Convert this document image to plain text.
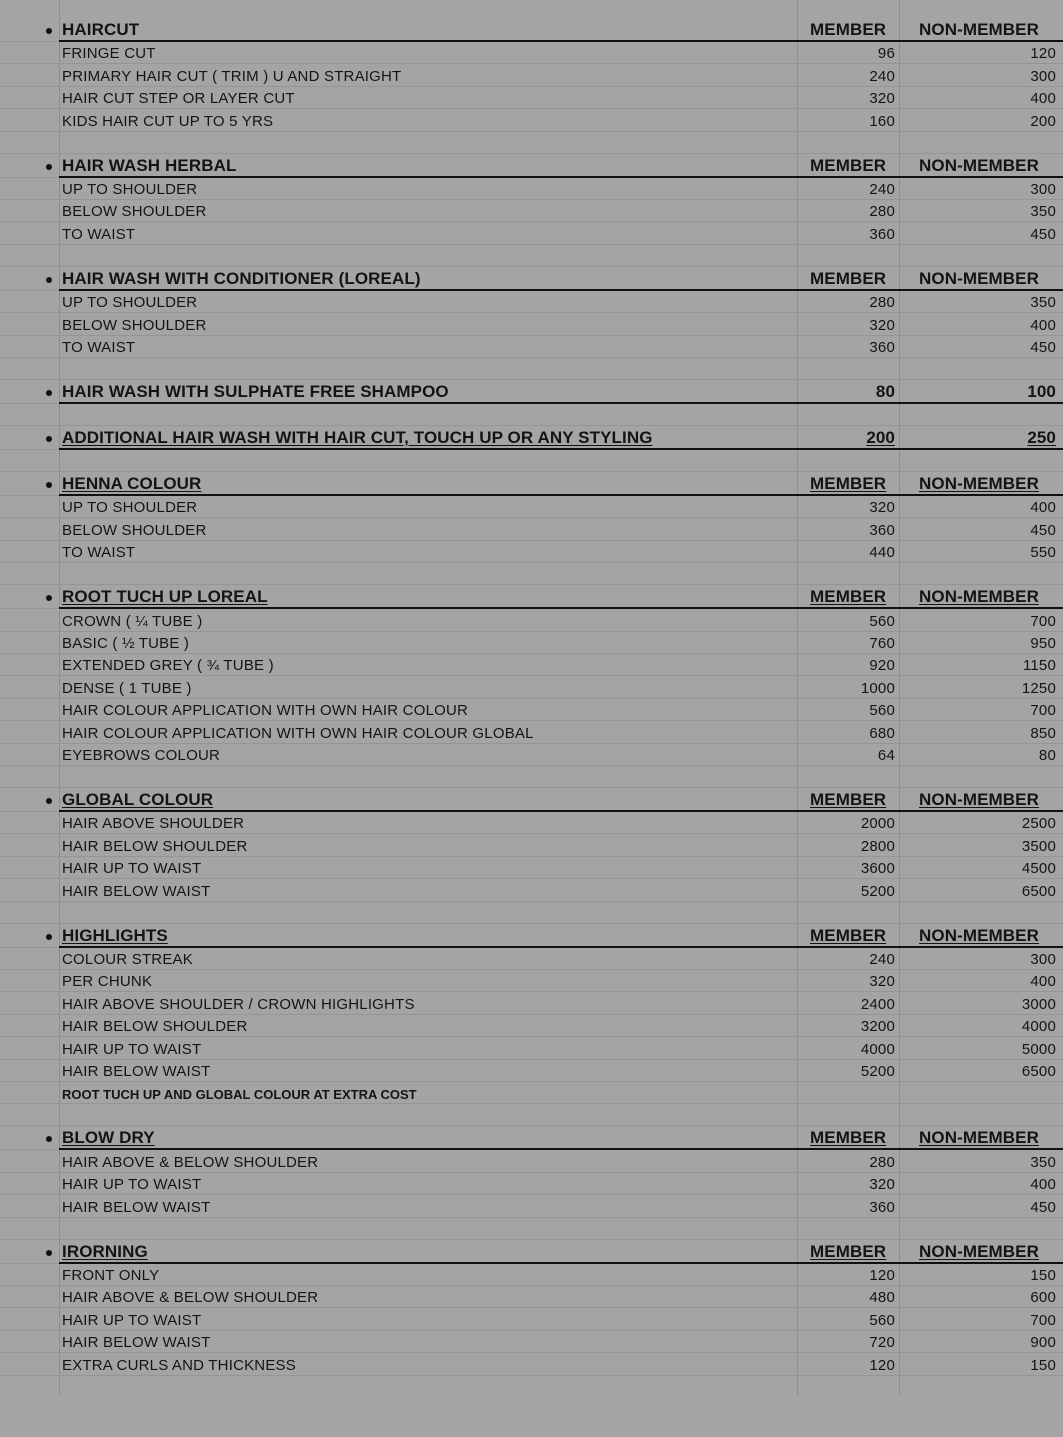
HAIRCUT	MEMBER NON-MEMBER
FRINGE CUT	96	120
PRIMARY HAIR CUT ( TRIM ) U AND STRAIGHT	240	300
HAIR CUT STEP OR LAYER CUT	320	400
KIDS HAIR CUT UP TO 5 YRS	160	200
HAIR WASH HERBAL	MEMBER NON-MEMBER
UP TO SHOULDER	240	300
BELOW SHOULDER	280	350
TO WAIST	360	450
HAIR WASH WITH CONDITIONER (LOREAL)	MEMBER NON-MEMBER
UP TO SHOULDER	280	350
BELOW SHOULDER	320	400
TO WAIST	360	450
HAIR WASH WITH SULPHATE FREE SHAMPOO	80	100
ADDITIONAL HAIR WASH WITH HAIR CUT, TOUCH UP OR ANY STYLING	200	250
HENNA COLOUR	MEMBER NON-MEMBER
UP TO SHOULDER	320	400
BELOW SHOULDER	360	450
TO WAIST	440	550
ROOT TUCH UP LOREAL	MEMBER NON-MEMBER
CROWN ( ¼ TUBE )	560	700
BASIC ( ½ TUBE )	760	950
EXTENDED GREY ( ¾ TUBE )	920	1150
DENSE ( 1 TUBE )	1000	1250
HAIR COLOUR APPLICATION WITH OWN HAIR COLOUR	560	700
HAIR COLOUR APPLICATION WITH OWN HAIR COLOUR GLOBAL	680	850
EYEBROWS COLOUR	64	80
GLOBAL COLOUR	MEMBER NON-MEMBER
HAIR ABOVE SHOULDER	2000	2500
HAIR BELOW SHOULDER	2800	3500
HAIR UP TO WAIST	3600	4500
HAIR BELOW WAIST	5200	6500
HIGHLIGHTS	MEMBER NON-MEMBER
COLOUR STREAK	240	300
PER CHUNK	320	400
HAIR ABOVE SHOULDER / CROWN HIGHLIGHTS	2400	3000
HAIR BELOW SHOULDER	3200	4000
HAIR UP TO WAIST	4000	5000
HAIR BELOW WAIST	5200	6500
ROOT TUCH UP AND GLOBAL COLOUR AT EXTRA COST
BLOW DRY	MEMBER NON-MEMBER
HAIR ABOVE & BELOW SHOULDER	280	350
HAIR UP TO WAIST	320	400
HAIR BELOW WAIST	360	450
IRORNING	MEMBER NON-MEMBER
FRONT ONLY	120	150
HAIR ABOVE & BELOW SHOULDER	480	600
HAIR UP TO WAIST	560	700
HAIR BELOW WAIST	720	900
EXTRA CURLS AND THICKNESS	120	150
